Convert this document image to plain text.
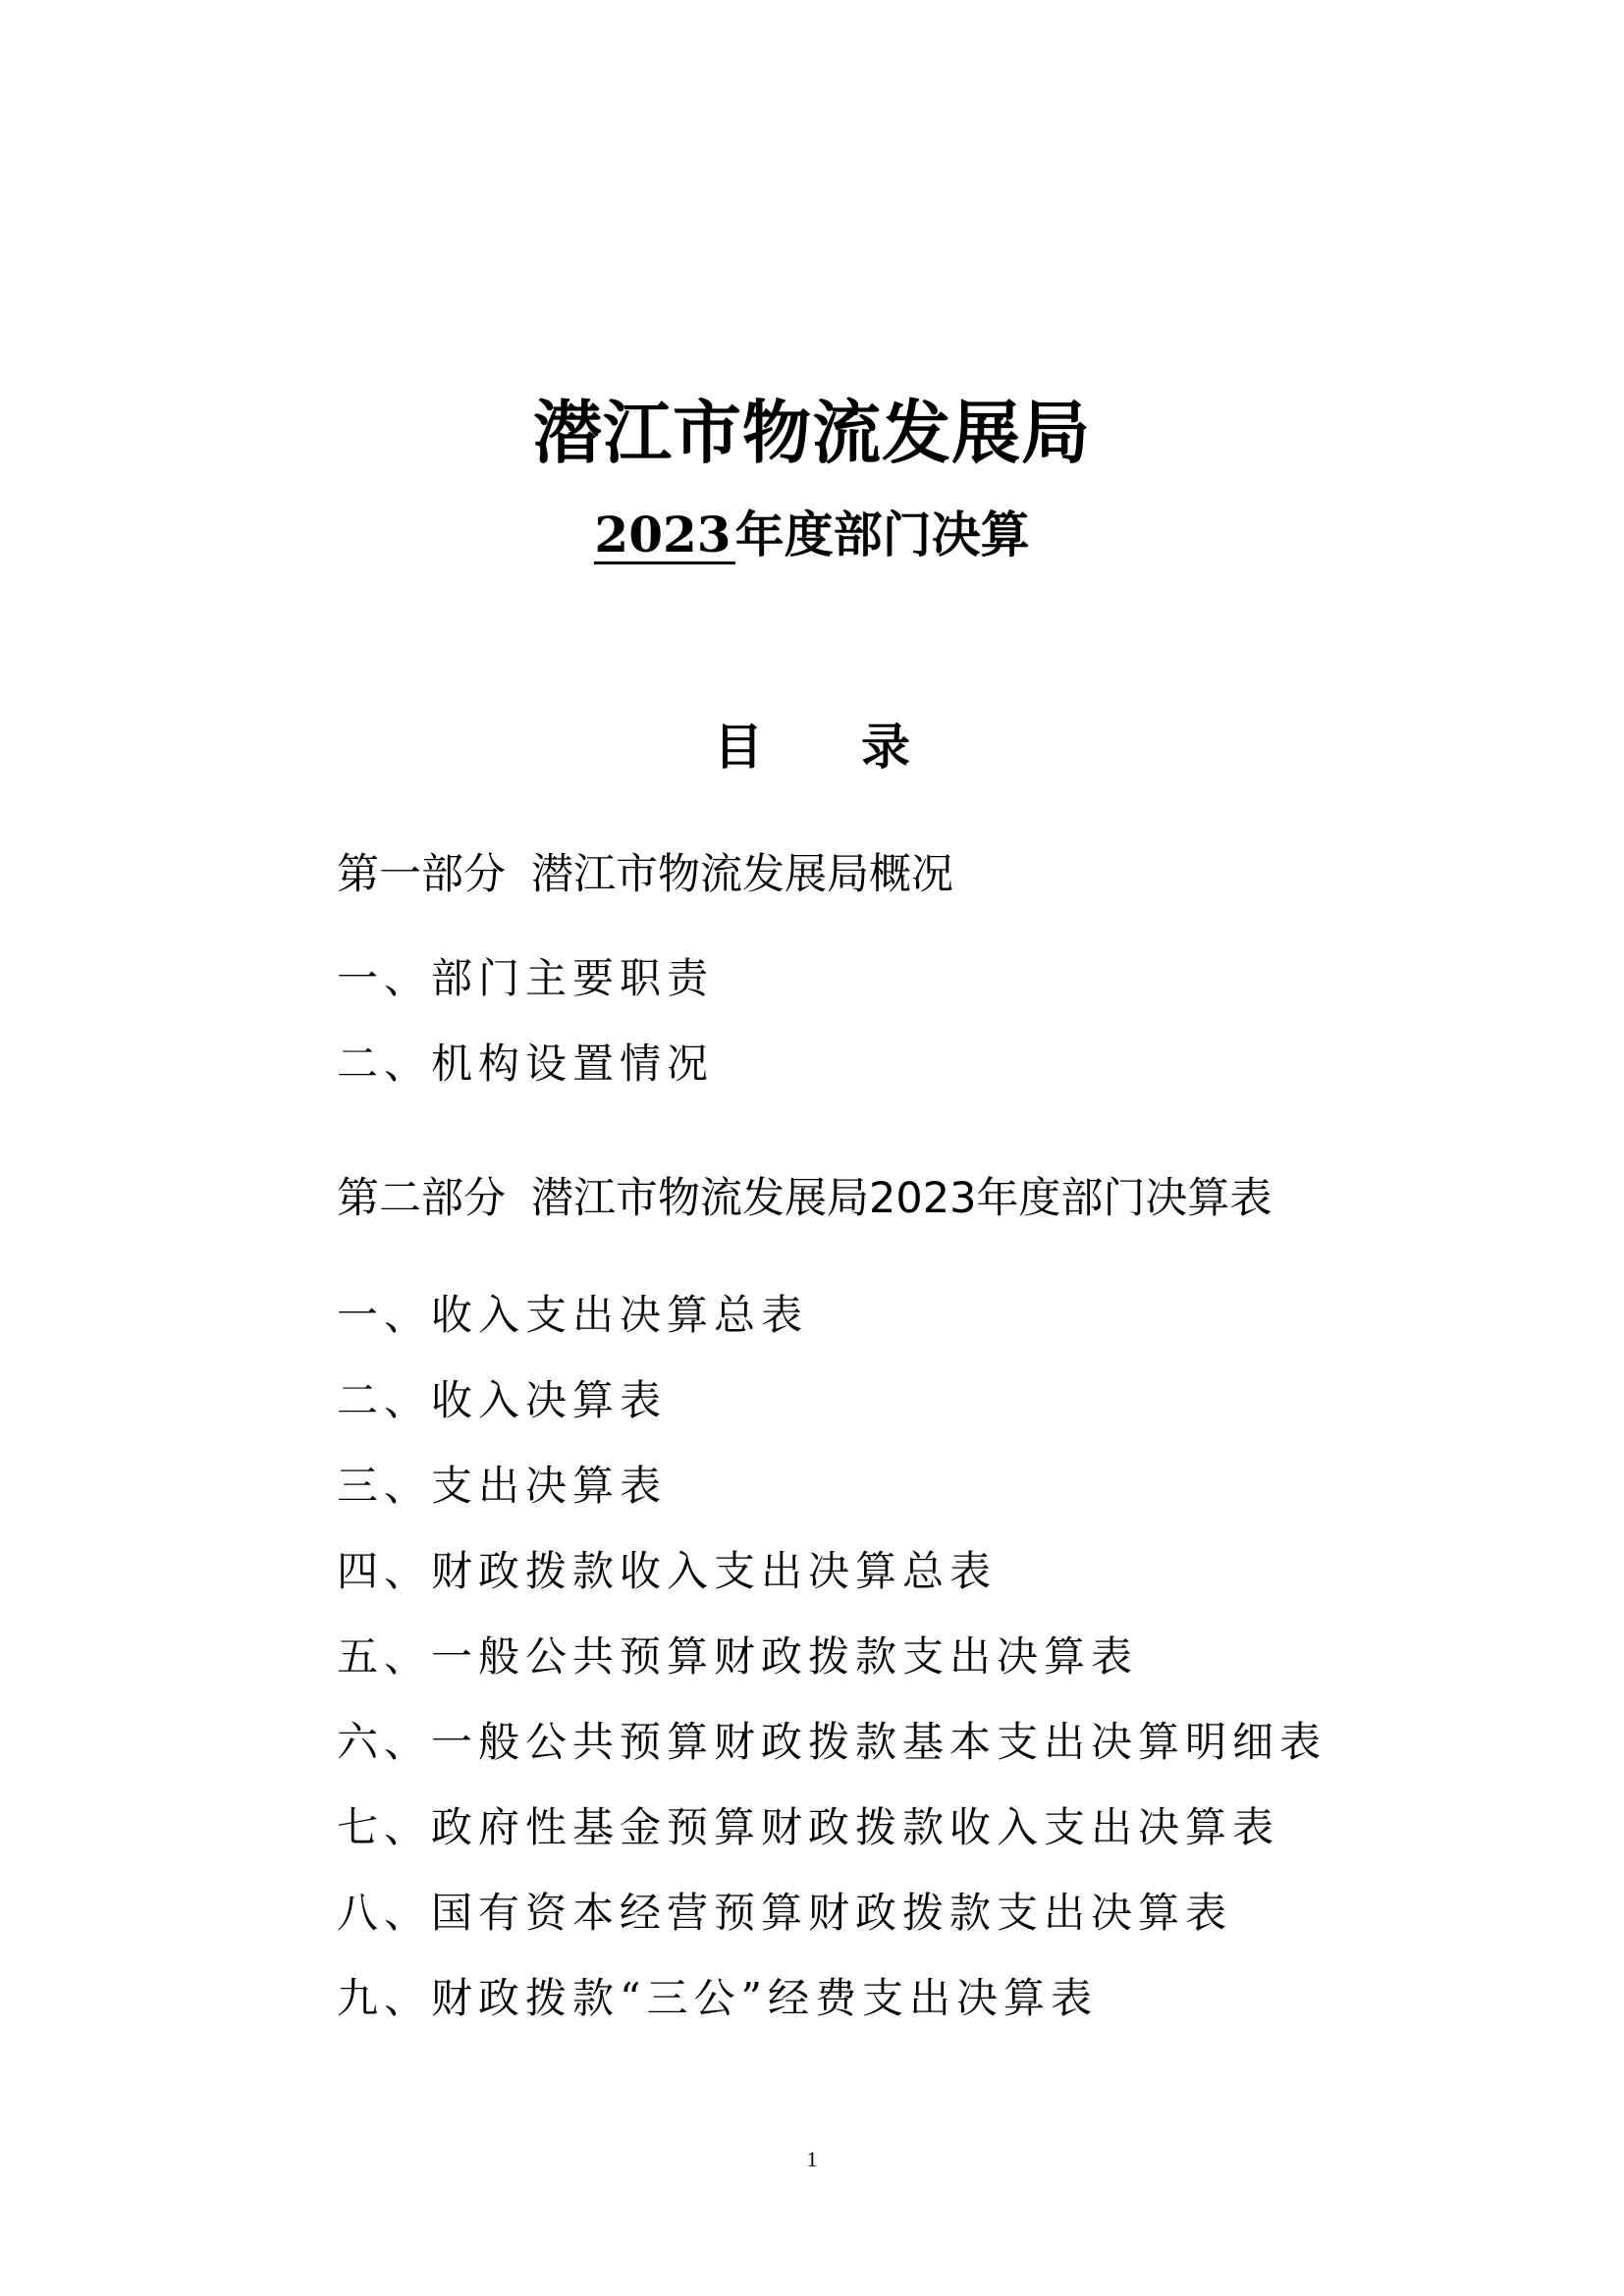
潜江市物流发展局
2023年度部门决算
目 录
第一部分 潜江市物流发展局概况
一、部门主要职责
二、机构设置情况
第二部分 潜江市物流发展局2023年度部门决算表
一、收入支出决算总表
二、收入决算表
三、支出决算表
四、财政拨款收入支出决算总表
五、一般公共预算财政拨款支出决算表
六、一般公共预算财政拨款基本支出决算明细表
七、政府性基金预算财政拨款收入支出决算表
八、国有资本经营预算财政拨款支出决算表
九、财政拨款“三公”经费支出决算表
1
